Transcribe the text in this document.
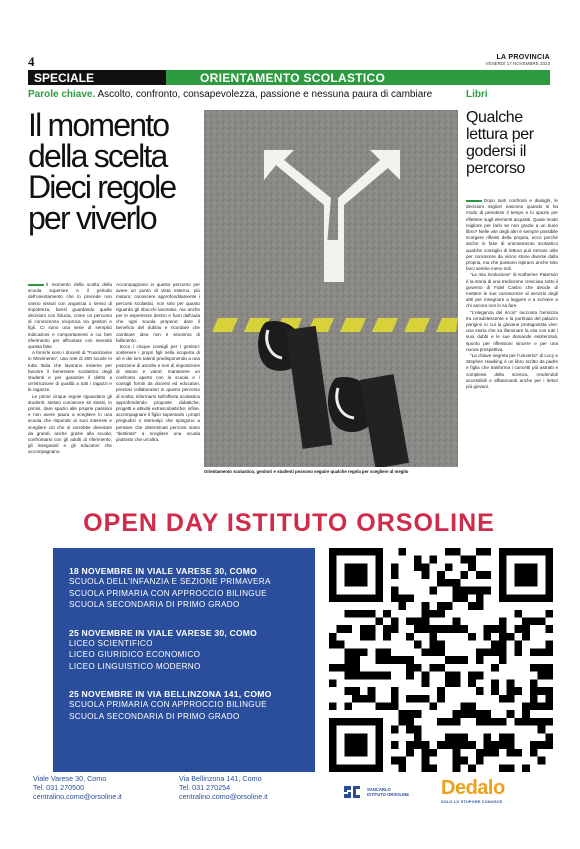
4	LA PROVINCIA
VENERDÌ 17 NOVEMBRE 2023
SPECIALE	ORIENTAMENTO SCOLASTICO
Parole chiave. Ascolto, confronto, consapevolezza, passione e nessuna paura di cambiare	Libri
Il momento della scelta Dieci regole per viverlo
Orientamento scolastico, genitori e studenti possono seguire qualche regola per scegliere al meglio

Il momento della scelta della scuola superiore e il periodo dell'orientamento che lo precede non vanno vissuti con angoscia o senso di impotenza, bensì guardando quelle decisioni con fiducia, come un percorso di conoscenza reciproca tra genitori e figli. Ci sono una serie di semplici indicazioni e comportamenti a cui fare riferimento per affrontare con serenità questa fase.

A fornirle sono i docenti di "Fuoriclasse in Movimento", una rete di 200 scuole in tutta Italia che lavorano insieme per favorire il benessere scolastico degli studenti e per garantire il diritto a un'istruzione di qualità a tutti i ragazzi e le ragazze.

Le prime cinque regole riguardano gli studenti: stesso conoscere sé stessi, in primis, dare spazio alle proprie passioni e non avere paura a scegliere in una scuola che risponde ai suoi interessi e scegliere ciò che si vorrebbe diventare da grandi, anche grazie alla scuola; confrontarsi con gli adulti di riferimento, gli insegnanti e gli educatori che accompagnano.

Accompagnano in questo percorso per avere un punto di vista esterno, più maturo; conoscere approfonditamente i percorsi scolastici, non solo per quanto riguarda gli sbocchi lavorativi, ma anche per le esperienze dentro e fuori dall'aula che ogni scuola propone; dare il beneficio del dubbio e ricordare che cambiare idea non è sinonimo di fallimento.

Ecco i cinque consigli per i genitori: sostenere i propri figli nella scoperta di sé e dei loro talenti predisponendo a una posizione di ascolto e non di imposizione di visioni e valori; mantenere un confronto aperto con la scuola e i consigli forniti da docenti ed educatori, preziosi collaboratori in questo percorso di scelta; informarsi sull'offerta scolastica approfondendo proposte didattiche, progetti e attività extrascolastiche; infine, accompagnare il figlio superando i propri pregiudizi o stereotipi che spingono a pensare che determinati percorsi siano "destinati" a scegliere una scuola piuttosto che un'altra.

Qualche lettura per godersi il percorso

Dopo tanti confronti e dialoghi, le decisioni migliori nascono quando si ha modo di prendersi il tempo e lo spazio per riflettere sugli elementi acquisiti. Quale modo migliore per farlo se non grazie a un buon libro? Nelle vite degli altri è sempre possibile scorgere riflessi della propria, ecco perché anche in fase di orientamento scolastico qualche consiglio di lettura può tornare utile per conoscere da vicino storie diverse dalla propria, ma che possono ispirarci anche solo farci sentire meno soli.

"La mia rivoluzione" di Katherine Paterson è la storia di una tredicenne cresciuta sotto il governo di Fidel Castro che decide di mettere le sue conoscenze al servizio degli altri per insegnare a leggere e a scrivere a chi ancora non lo sa fare.

"L'eleganza del riccio" racconta l'amicizia tra un'adolescente e la portinaia del palazzo parigino in cui la giovane protagonista vive: una storia che sa illuminare la vita con tutti i suoi dubbi e le sue domande esistenziali, spunto per riflessioni sincere e per una nuova prospettiva.

"La chiave segreta per l'universo" di Lucy e Stephen Hawking è un libro scritto da padre e figlia che trasforma i concetti più astratti e complessi della scienza, rendendoli accessibili e affascinanti anche per i lettori più giovani.

OPEN DAY ISTITUTO ORSOLINE
18 NOVEMBRE IN VIALE VARESE 30, COMO
SCUOLA DELL'INFANZIA E SEZIONE PRIMAVERA
SCUOLA PRIMARIA CON APPROCCIO BILINGUE
SCUOLA SECONDARIA DI PRIMO GRADO
25 NOVEMBRE IN VIALE VARESE 30, COMO
LICEO SCIENTIFICO
LICEO GIURIDICO ECONOMICO
LICEO LINGUISTICO MODERNO
25 NOVEMBRE IN VIA BELLINZONA 141, COMO
SCUOLA PRIMARIA CON APPROCCIO BILINGUE
SCUOLA SECONDARIA DI PRIMO GRADO
Viale Varese 30, Como
Tel. 031 270500
centralino.como@orsoline.it
Via Bellinzona 141, Como
Tel. 031 270254
centralino.como@orsoline.it
SANCARLO
ISTITUTO ORSOLINE Dedalo
SOLO LO STUPORE CONOSCE
